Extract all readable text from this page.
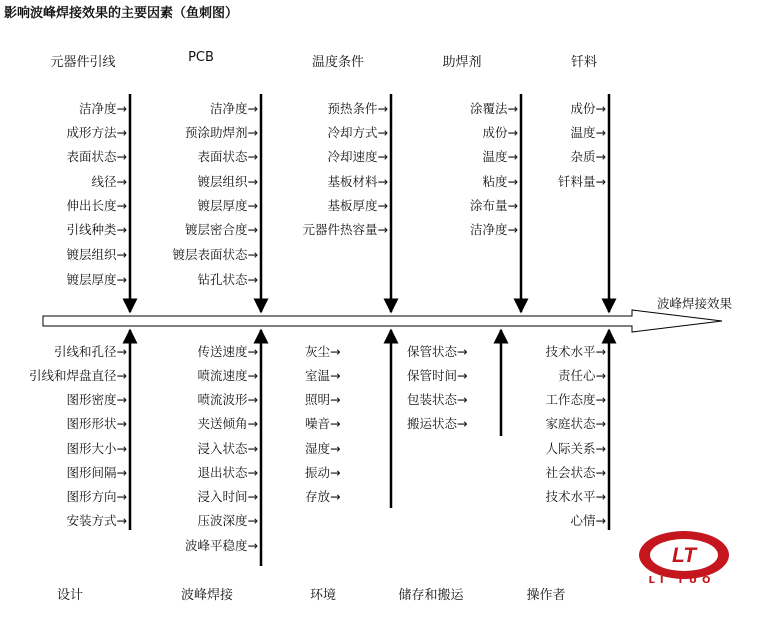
影响波峰焊接效果的主要因素（鱼刺图）
LT
波峰焊接效果
元器件引线	PCB	温度条件	助焊剂	钎料
设计	波峰焊接	环境	储存和搬运	操作者
洁净度→
成形方法→
表面状态→
线径→
伸出长度→
引线种类→
镀层组织→
镀层厚度→
洁净度→
预涂助焊剂→
表面状态→
镀层组织→
镀层厚度→
镀层密合度→
镀层表面状态→
钻孔状态→
预热条件→
冷却方式→
冷却速度→
基板材料→
基板厚度→
元器件热容量→
涂覆法→
成份→
温度→
粘度→
涂布量→
洁净度→
成份→
温度→
杂质→
钎料量→
引线和孔径→
引线和焊盘直径→
图形密度→
图形形状→
图形大小→
图形间隔→
图形方向→
安装方式→
传送速度→
喷流速度→
喷流波形→
夹送倾角→
浸入状态→
退出状态→
浸入时间→
压波深度→
波峰平稳度→
灰尘→
室温→
照明→
噪音→
湿度→
振动→
存放→
保管状态→
保管时间→
包装状态→
搬运状态→
技术水平→
责任心→
工作态度→
家庭状态→
人际关系→
社会状态→
技术水平→
心情→
LI TUO
